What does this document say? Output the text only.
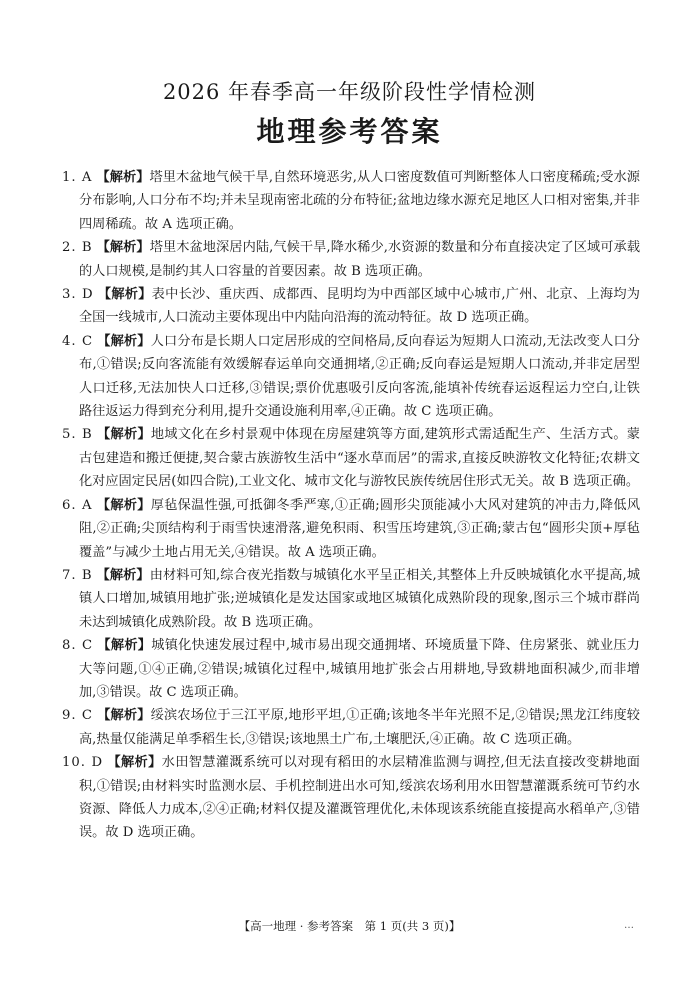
2026 年春季高一年级阶段性学情检测
地理参考答案
1. A 【解析】塔里木盆地气候干旱,自然环境恶劣,从人口密度数值可判断整体人口密度稀疏;受水源分布影响,人口分布不均;并未呈现南密北疏的分布特征;盆地边缘水源充足地区人口相对密集,并非四周稀疏。故 A 选项正确。
2. B 【解析】塔里木盆地深居内陆,气候干旱,降水稀少,水资源的数量和分布直接决定了区域可承载的人口规模,是制约其人口容量的首要因素。故 B 选项正确。
3. D 【解析】表中长沙、重庆西、成都西、昆明均为中西部区域中心城市,广州、北京、上海均为全国一线城市,人口流动主要体现出中内陆向沿海的流动特征。故 D 选项正确。
4. C 【解析】人口分布是长期人口定居形成的空间格局,反向春运为短期人口流动,无法改变人口分布,①错误;反向客流能有效缓解春运单向交通拥堵,②正确;反向春运是短期人口流动,并非定居型人口迁移,无法加快人口迁移,③错误;票价优惠吸引反向客流,能填补传统春运返程运力空白,让铁路往返运力得到充分利用,提升交通设施利用率,④正确。故 C 选项正确。
5. B 【解析】地域文化在乡村景观中体现在房屋建筑等方面,建筑形式需适配生产、生活方式。蒙古包建造和搬迁便捷,契合蒙古族游牧生活中“逐水草而居”的需求,直接反映游牧文化特征;农耕文化对应固定民居(如四合院),工业文化、城市文化与游牧民族传统居住形式无关。故 B 选项正确。
6. A 【解析】厚毡保温性强,可抵御冬季严寒,①正确;圆形尖顶能减小大风对建筑的冲击力,降低风阻,②正确;尖顶结构利于雨雪快速滑落,避免积雨、积雪压垮建筑,③正确;蒙古包“圆形尖顶+厚毡覆盖”与减少土地占用无关,④错误。故 A 选项正确。
7. B 【解析】由材料可知,综合夜光指数与城镇化水平呈正相关,其整体上升反映城镇化水平提高,城镇人口增加,城镇用地扩张;逆城镇化是发达国家或地区城镇化成熟阶段的现象,图示三个城市群尚未达到城镇化成熟阶段。故 B 选项正确。
8. C 【解析】城镇化快速发展过程中,城市易出现交通拥堵、环境质量下降、住房紧张、就业压力大等问题,①④正确,②错误;城镇化过程中,城镇用地扩张会占用耕地,导致耕地面积减少,而非增加,③错误。故 C 选项正确。
9. C 【解析】绥滨农场位于三江平原,地形平坦,①正确;该地冬半年光照不足,②错误;黑龙江纬度较高,热量仅能满足单季稻生长,③错误;该地黑土广布,土壤肥沃,④正确。故 C 选项正确。
10. D 【解析】水田智慧灌溉系统可以对现有稻田的水层精准监测与调控,但无法直接改变耕地面积,①错误;由材料实时监测水层、手机控制进出水可知,绥滨农场利用水田智慧灌溉系统可节约水资源、降低人力成本,②④正确;材料仅提及灌溉管理优化,未体现该系统能直接提高水稻单产,③错误。故 D 选项正确。
【高一地理 · 参考答案　第 1 页(共 3 页)】	…
